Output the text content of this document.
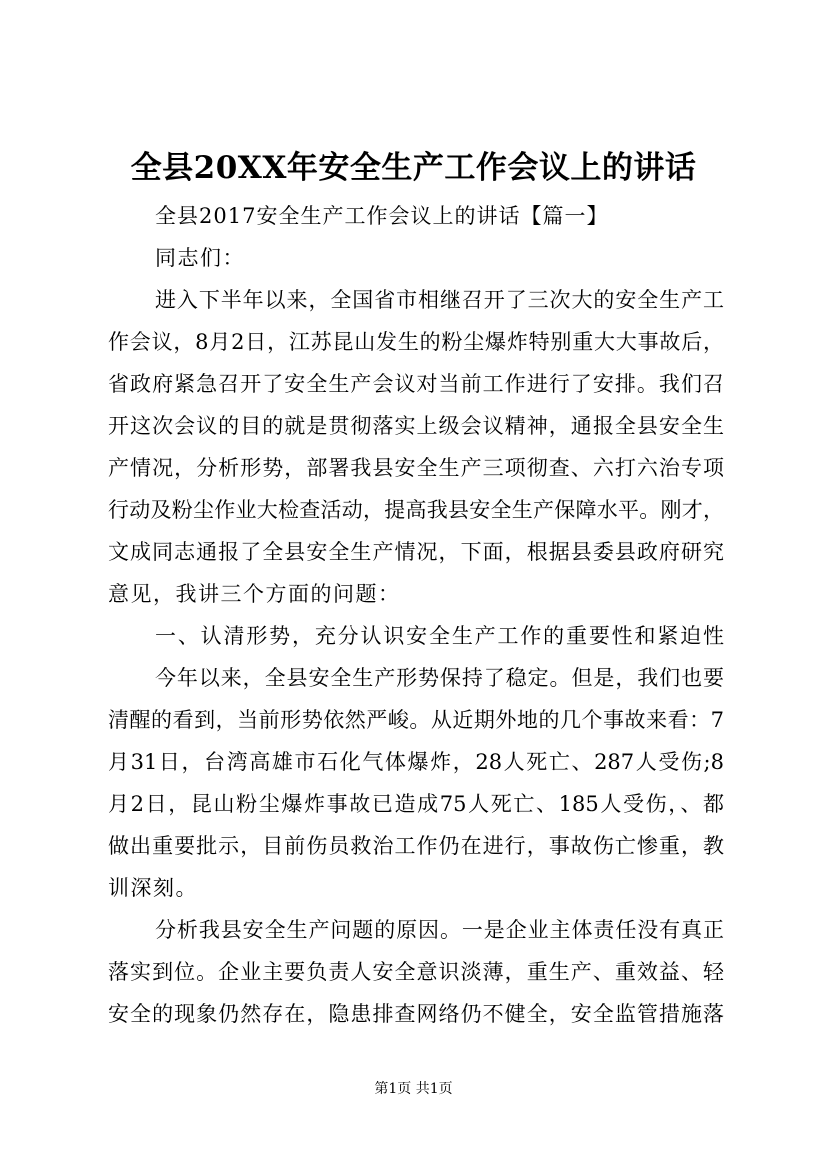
全县20XX年安全生产工作会议上的讲话

全县2017安全生产工作会议上的讲话【篇一】

同志们：

进入下半年以来，全国省市相继召开了三次大的安全生产工

作会议，8月2日，江苏昆山发生的粉尘爆炸特别重大大事故后，

省政府紧急召开了安全生产会议对当前工作进行了安排。我们召

开这次会议的目的就是贯彻落实上级会议精神，通报全县安全生

产情况，分析形势，部署我县安全生产三项彻查、六打六治专项

行动及粉尘作业大检查活动，提高我县安全生产保障水平。刚才，

文成同志通报了全县安全生产情况，下面，根据县委县政府研究

意见，我讲三个方面的问题：

一、认清形势，充分认识安全生产工作的重要性和紧迫性

今年以来，全县安全生产形势保持了稳定。但是，我们也要

清醒的看到，当前形势依然严峻。从近期外地的几个事故来看：7

月31日，台湾高雄市石化气体爆炸，28人死亡、287人受伤;8

月2日，昆山粉尘爆炸事故已造成75人死亡、185人受伤，、都

做出重要批示，目前伤员救治工作仍在进行，事故伤亡惨重，教

训深刻。

分析我县安全生产问题的原因。一是企业主体责任没有真正

落实到位。企业主要负责人安全意识淡薄，重生产、重效益、轻

安全的现象仍然存在，隐患排查网络仍不健全，安全监管措施落

第1页 共1页
